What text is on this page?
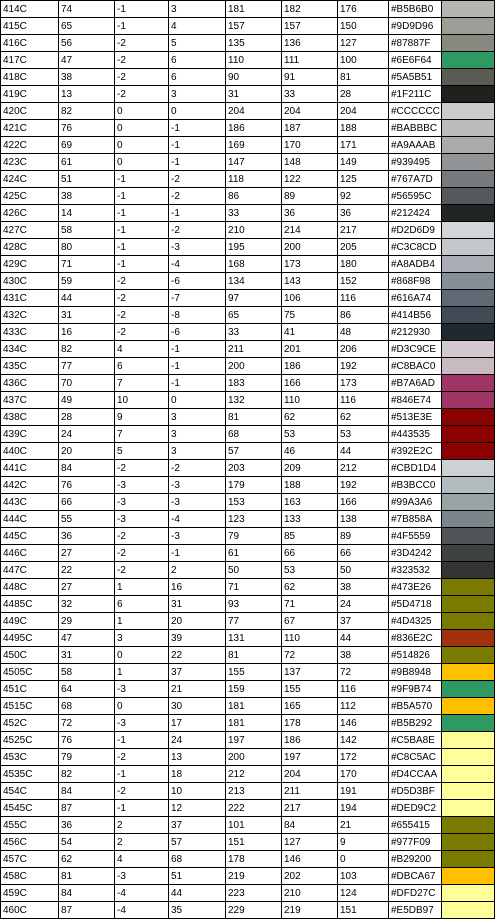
414C	74	-1	3	181	182	176	#B5B6B0	
415C	65	-1	4	157	157	150	#9D9D96	
416C	56	-2	5	135	136	127	#87887F	
417C	47	-2	6	110	111	100	#6E6F64	
418C	38	-2	6	90	91	81	#5A5B51	
419C	13	-2	3	31	33	28	#1F211C	
420C	82	0	0	204	204	204	#CCCCCC	
421C	76	0	-1	186	187	188	#BABBBC	
422C	69	0	-1	169	170	171	#A9AAAB	
423C	61	0	-1	147	148	149	#939495	
424C	51	-1	-2	118	122	125	#767A7D	
425C	38	-1	-2	86	89	92	#56595C	
426C	14	-1	-1	33	36	36	#212424	
427C	58	-1	-2	210	214	217	#D2D6D9	
428C	80	-1	-3	195	200	205	#C3C8CD	
429C	71	-1	-4	168	173	180	#A8ADB4	
430C	59	-2	-6	134	143	152	#868F98	
431C	44	-2	-7	97	106	116	#616A74	
432C	31	-2	-8	65	75	86	#414B56	
433C	16	-2	-6	33	41	48	#212930	
434C	82	4	-1	211	201	206	#D3C9CE	
435C	77	6	-1	200	186	192	#C8BAC0	
436C	70	7	-1	183	166	173	#B7A6AD	
437C	49	10	0	132	110	116	#846E74	
438C	28	9	3	81	62	62	#513E3E	
439C	24	7	3	68	53	53	#443535	
440C	20	5	3	57	46	44	#392E2C	
441C	84	-2	-2	203	209	212	#CBD1D4	
442C	76	-3	-3	179	188	192	#B3BCC0	
443C	66	-3	-3	153	163	166	#99A3A6	
444C	55	-3	-4	123	133	138	#7B858A	
445C	36	-2	-3	79	85	89	#4F5559	
446C	27	-2	-1	61	66	66	#3D4242	
447C	22	-2	2	50	53	50	#323532	
448C	27	1	16	71	62	38	#473E26	
4485C	32	6	31	93	71	24	#5D4718	
449C	29	1	20	77	67	37	#4D4325	
4495C	47	3	39	131	110	44	#836E2C	
450C	31	0	22	81	72	38	#514826	
4505C	58	1	37	155	137	72	#9B8948	
451C	64	-3	21	159	155	116	#9F9B74	
4515C	68	0	30	181	165	112	#B5A570	
452C	72	-3	17	181	178	146	#B5B292	
4525C	76	-1	24	197	186	142	#C5BA8E	
453C	79	-2	13	200	197	172	#C8C5AC	
4535C	82	-1	18	212	204	170	#D4CCAA	
454C	84	-2	10	213	211	191	#D5D3BF	
4545C	87	-1	12	222	217	194	#DED9C2	
455C	36	2	37	101	84	21	#655415	
456C	54	2	57	151	127	9	#977F09	
457C	62	4	68	178	146	0	#B29200	
458C	81	-3	51	219	202	103	#DBCA67	
459C	84	-4	44	223	210	124	#DFD27C	
460C	87	-4	35	229	219	151	#E5DB97	
